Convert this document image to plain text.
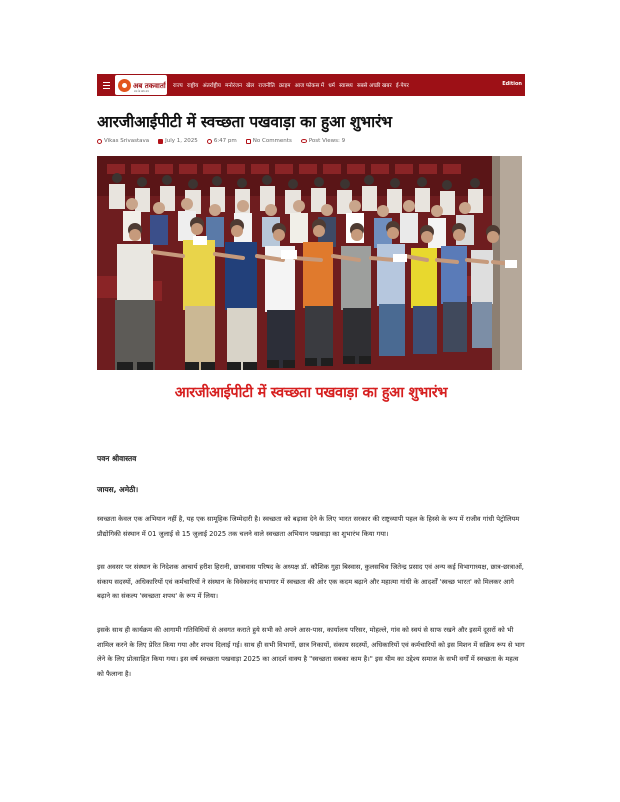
अब तकवार्ता
सच के साथ सच
राज्य राष्ट्रीय अंतर्राष्ट्रीय मनोरंजन खेल राजनीति क्राइम आज फोकस में धर्म स्वास्थ्य सबसे अच्छी खबर ई-पेपर	Edition
आरजीआईपीटी में स्वच्छता पखवाड़ा का हुआ शुभारंभ
Vikas Srivastava	July 1, 2025	6:47 pm	No Comments	Post Views: 9
आरजीआईपीटी में स्वच्छता पखवाड़ा का हुआ शुभारंभ
पवन श्रीवास्तव
जायस, अमेठी।

स्वच्छता केवल एक अभियान नहीं है, यह एक सामूहिक जिम्मेदारी है। स्वच्छता को बढ़ावा देने के लिए भारत सरकार की राष्ट्रव्यापी पहल के हिस्से के रूप में राजीव गांधी पेट्रोलियम प्रौद्योगिकी संस्थान में 01 जुलाई से 15 जुलाई 2025 तक चलने वाले स्वच्छता अभियान पखवाड़ा का शुभारंभ किया गया।

इस अवसर पर संस्थान के निदेशक आचार्य हरीश हिरानी, छात्रावास परिषद के अध्यक्ष डॉ. कौशिक गुहा बिस्वास, कुलसचिव जितेन्द्र प्रसाद एवं अन्य कई विभागाध्यक्ष, छात्र-छात्राओं, संकाय सदस्यों, अधिकारियों एवं कर्मचारियों ने संस्थान के विवेकानंद सभागार में स्वच्छता की ओर एक कदम बढ़ाने और महात्मा गांधी के आदर्शों 'स्वच्छ भारत' को मिलकर आगे बढ़ाने का संकल्प 'स्वच्छता शपथ' के रूप में लिया।

इसके साथ ही कार्यक्रम की आगामी गतिविधियों से अवगत कराते हुये सभी को अपने आस-पास, कार्यालय परिसर, मोहल्ले, गांव को स्वयं से साफ रखने और इसमें दूसरों को भी शामिल करने के लिए प्रेरित किया गया और शपथ दिलाई गई। साथ ही सभी विभागों, छात्र निकायों, संकाय सदस्यों, अधिकारियों एवं कर्मचारियों को इस मिशन में सक्रिय रूप से भाग लेने के लिए प्रोत्साहित किया गया। इस वर्ष स्वच्छता पखवाड़ा 2025 का आदर्श वाक्य है "स्वच्छता सबका काम है।" इस थीम का उद्देश्य समाज के सभी वर्गों में स्वच्छता के महत्व को फैलाना है।
